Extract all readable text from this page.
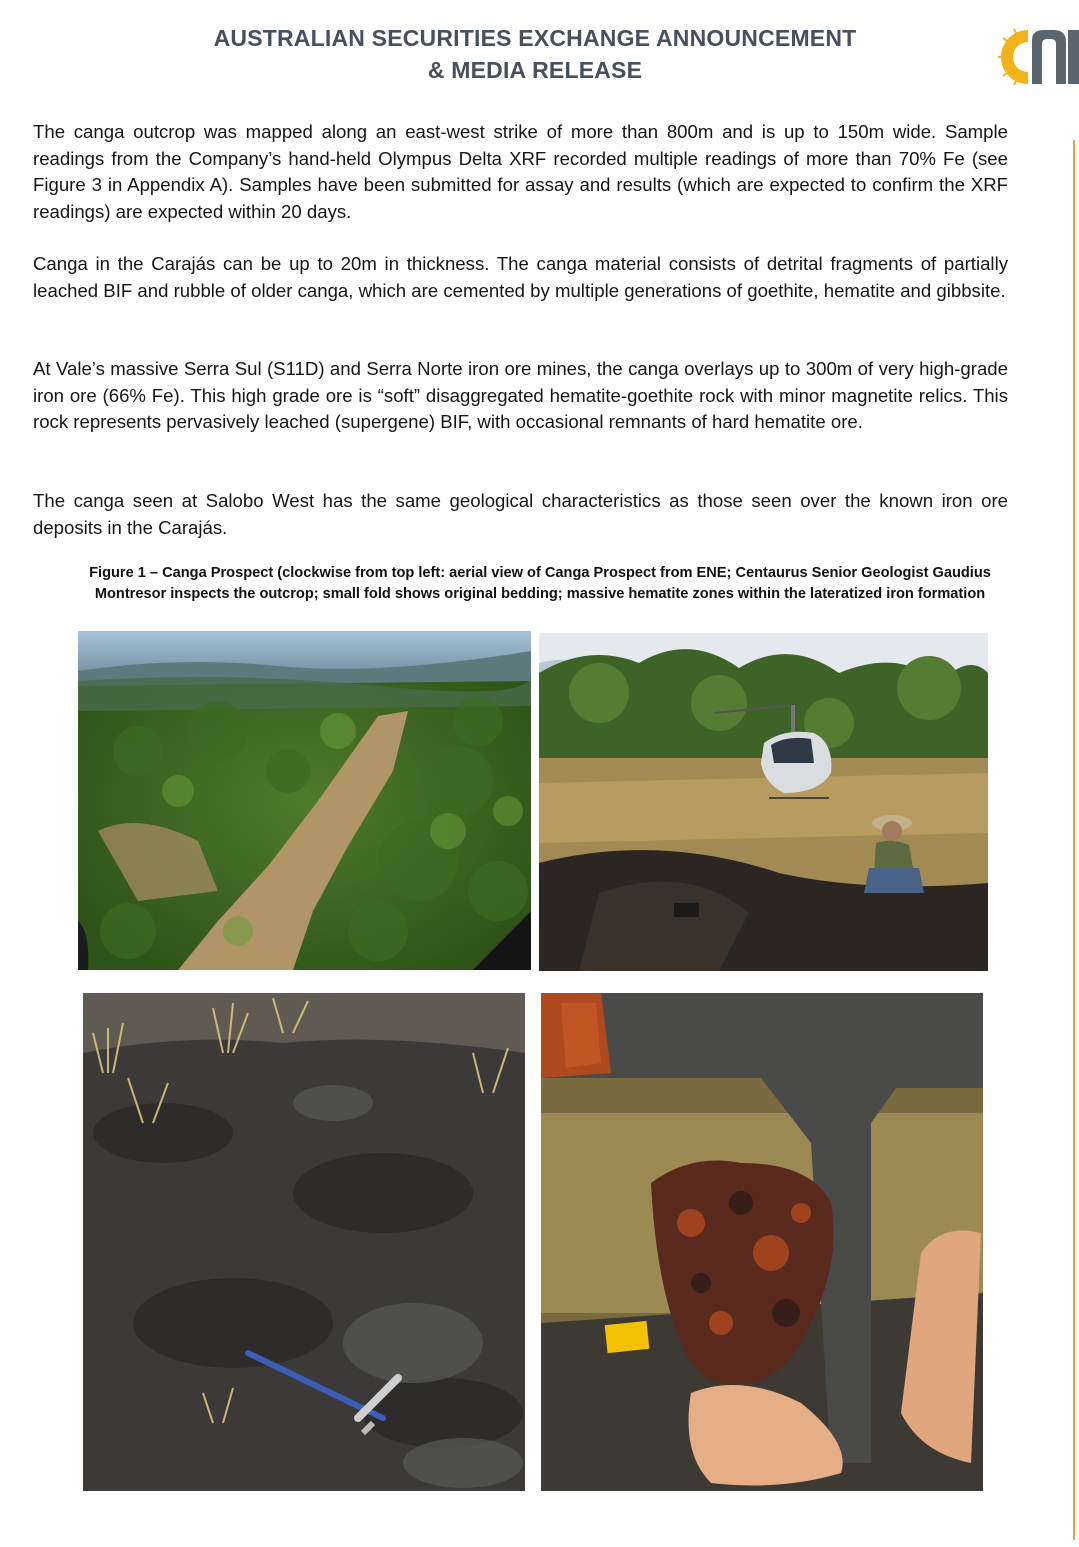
AUSTRALIAN SECURITIES EXCHANGE ANNOUNCEMENT
& MEDIA RELEASE

The canga outcrop was mapped along an east-west strike of more than 800m and is up to 150m wide. Sample readings from the Company’s hand-held Olympus Delta XRF recorded multiple readings of more than 70% Fe (see Figure 3 in Appendix A). Samples have been submitted for assay and results (which are expected to confirm the XRF readings) are expected within 20 days.

Canga in the Carajás can be up to 20m in thickness. The canga material consists of detrital fragments of partially leached BIF and rubble of older canga, which are cemented by multiple generations of goethite, hematite and gibbsite.

At Vale’s massive Serra Sul (S11D) and Serra Norte iron ore mines, the canga overlays up to 300m of very high-grade iron ore (66% Fe). This high grade ore is “soft” disaggregated hematite-goethite rock with minor magnetite relics. This rock represents pervasively leached (supergene) BIF, with occasional remnants of hard hematite ore.

The canga seen at Salobo West has the same geological characteristics as those seen over the known iron ore deposits in the Carajás.

Figure 1 – Canga Prospect (clockwise from top left: aerial view of Canga Prospect from ENE; Centaurus Senior Geologist Gaudius
Montresor inspects the outcrop; small fold shows original bedding; massive hematite zones within the lateratized iron formation
